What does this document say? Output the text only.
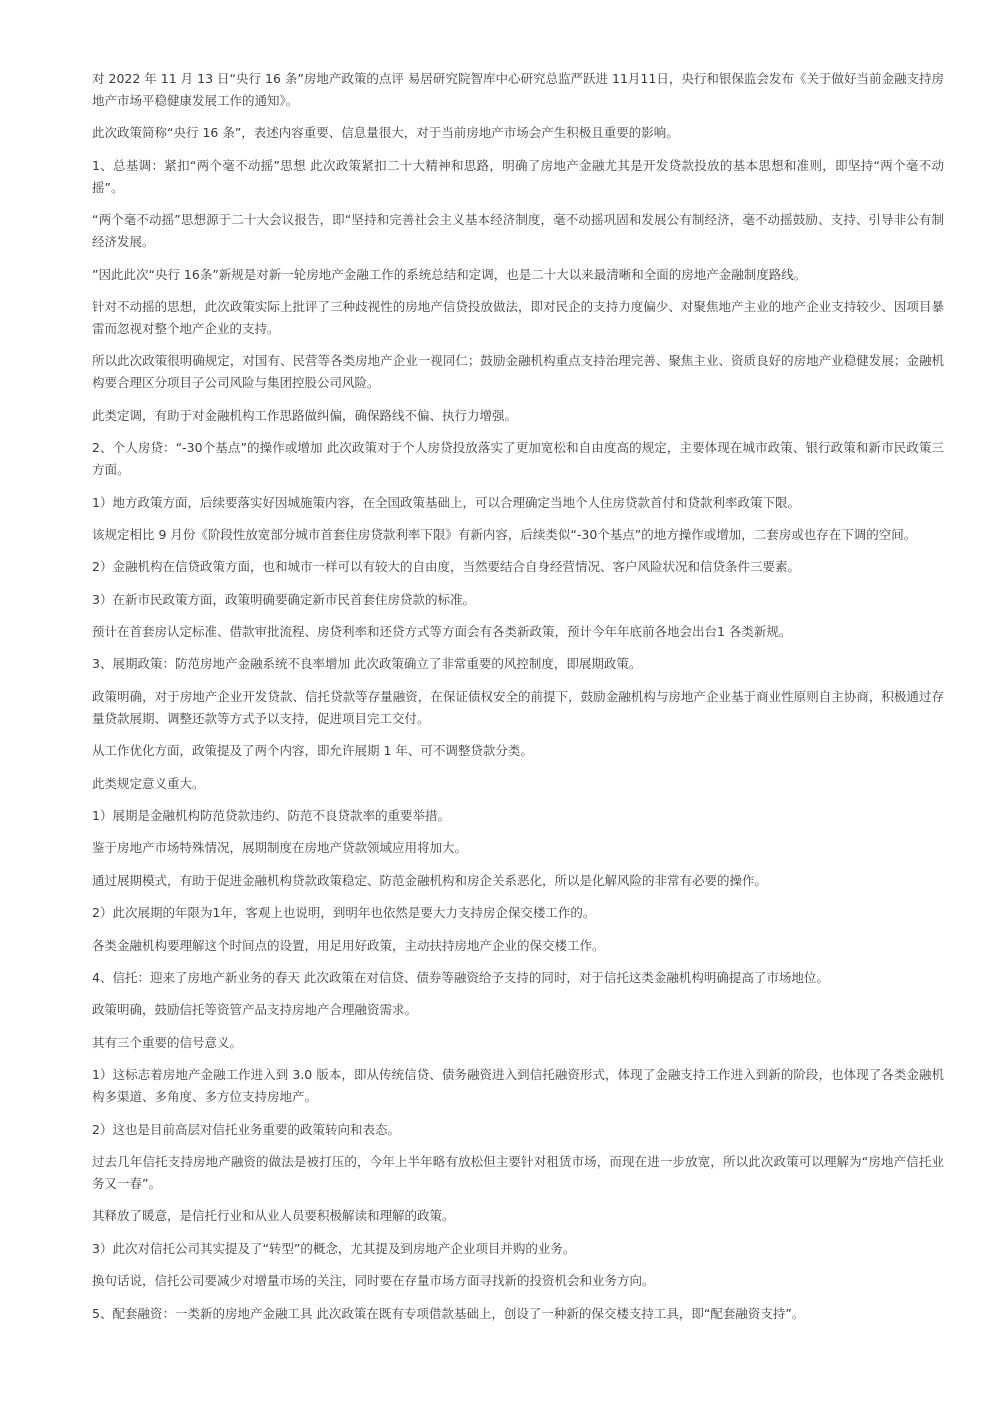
对 2022 年 11 月 13 日“央行 16 条”房地产政策的点评 易居研究院智库中心研究总监严跃进 11月11日，央行和银保监会发布《关于做好当前金融支持房地产市场平稳健康发展工作的通知》。

此次政策简称“央行 16 条”，表述内容重要、信息量很大，对于当前房地产市场会产生积极且重要的影响。

1、总基调：紧扣“两个毫不动摇”思想 此次政策紧扣二十大精神和思路，明确了房地产金融尤其是开发贷款投放的基本思想和准则，即坚持“两个毫不动摇”。

“两个毫不动摇”思想源于二十大会议报告，即“坚持和完善社会主义基本经济制度，毫不动摇巩固和发展公有制经济，毫不动摇鼓励、支持、引导非公有制经济发展。

”因此此次“央行 16条”新规是对新一轮房地产金融工作的系统总结和定调，也是二十大以来最清晰和全面的房地产金融制度路线。

针对不动摇的思想，此次政策实际上批评了三种歧视性的房地产信贷投放做法，即对民企的支持力度偏少、对聚焦地产主业的地产企业支持较少、因项目暴雷而忽视对整个地产企业的支持。

所以此次政策很明确规定，对国有、民营等各类房地产企业一视同仁；鼓励金融机构重点支持治理完善、聚焦主业、资质良好的房地产业稳健发展；金融机构要合理区分项目子公司风险与集团控股公司风险。

此类定调，有助于对金融机构工作思路做纠偏，确保路线不偏、执行力增强。

2、个人房贷：“-30个基点”的操作或增加 此次政策对于个人房贷投放落实了更加宽松和自由度高的规定，主要体现在城市政策、银行政策和新市民政策三方面。

1）地方政策方面，后续要落实好因城施策内容，在全国政策基础上，可以合理确定当地个人住房贷款首付和贷款利率政策下限。

该规定相比 9 月份《阶段性放宽部分城市首套住房贷款利率下限》有新内容，后续类似“-30个基点”的地方操作或增加，二套房或也存在下调的空间。

2）金融机构在信贷政策方面，也和城市一样可以有较大的自由度，当然要结合自身经营情况、客户风险状况和信贷条件三要素。

3）在新市民政策方面，政策明确要确定新市民首套住房贷款的标准。

预计在首套房认定标准、借款审批流程、房贷利率和还贷方式等方面会有各类新政策，预计今年年底前各地会出台1 各类新规。

3、展期政策：防范房地产金融系统不良率增加 此次政策确立了非常重要的风控制度，即展期政策。

政策明确，对于房地产企业开发贷款、信托贷款等存量融资，在保证债权安全的前提下，鼓励金融机构与房地产企业基于商业性原则自主协商，积极通过存量贷款展期、调整还款等方式予以支持，促进项目完工交付。

从工作优化方面，政策提及了两个内容，即允许展期 1 年、可不调整贷款分类。

此类规定意义重大。

1）展期是金融机构防范贷款违约、防范不良贷款率的重要举措。

鉴于房地产市场特殊情况，展期制度在房地产贷款领域应用将加大。

通过展期模式，有助于促进金融机构贷款政策稳定、防范金融机构和房企关系恶化，所以是化解风险的非常有必要的操作。

2）此次展期的年限为1年，客观上也说明，到明年也依然是要大力支持房企保交楼工作的。

各类金融机构要理解这个时间点的设置，用足用好政策，主动扶持房地产企业的保交楼工作。

4、信托：迎来了房地产新业务的春天 此次政策在对信贷、债券等融资给予支持的同时，对于信托这类金融机构明确提高了市场地位。

政策明确，鼓励信托等资管产品支持房地产合理融资需求。

其有三个重要的信号意义。

1）这标志着房地产金融工作进入到 3.0 版本，即从传统信贷、债务融资进入到信托融资形式，体现了金融支持工作进入到新的阶段，也体现了各类金融机构多渠道、多角度、多方位支持房地产。

2）这也是目前高层对信托业务重要的政策转向和表态。

过去几年信托支持房地产融资的做法是被打压的，今年上半年略有放松但主要针对租赁市场，而现在进一步放宽，所以此次政策可以理解为“房地产信托业务又一春”。

其释放了暖意，是信托行业和从业人员要积极解读和理解的政策。

3）此次对信托公司其实提及了“转型”的概念，尤其提及到房地产企业项目并购的业务。

换句话说，信托公司要减少对增量市场的关注，同时要在存量市场方面寻找新的投资机会和业务方向。

5、配套融资：一类新的房地产金融工具 此次政策在既有专项借款基础上，创设了一种新的保交楼支持工具，即“配套融资支持”。
